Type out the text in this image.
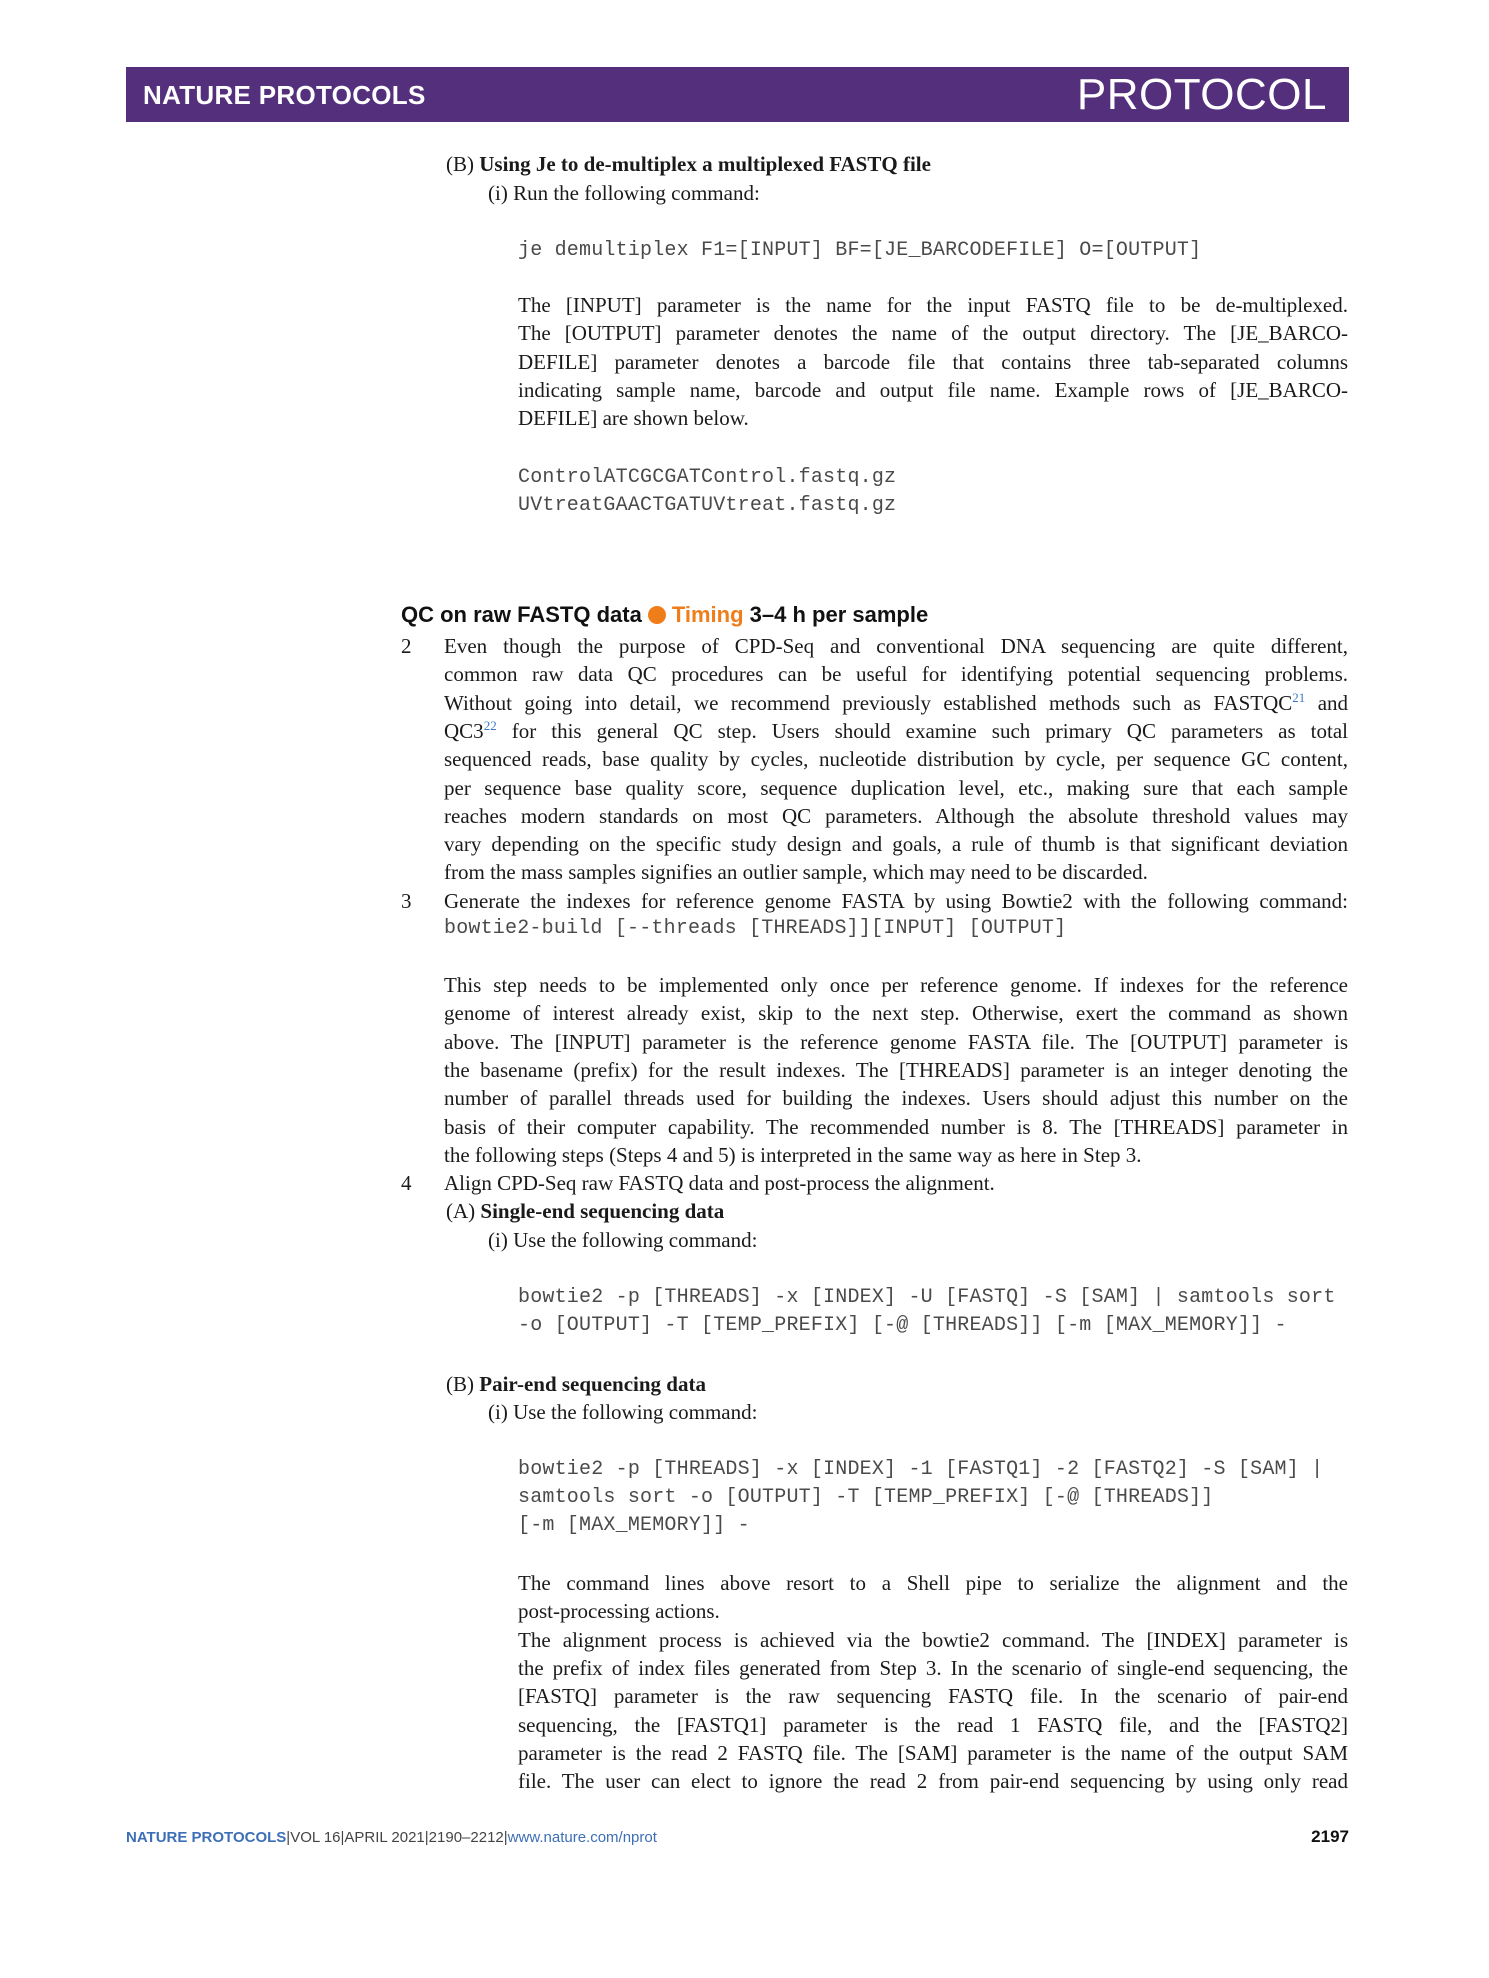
NATURE PROTOCOLS	PROTOCOL
(B) Using Je to de-multiplex a multiplexed FASTQ file
(i) Run the following command:
je demultiplex F1=[INPUT] BF=[JE_BARCODEFILE] O=[OUTPUT]
The [INPUT] parameter is the name for the input FASTQ file to be de-multiplexed.
The [OUTPUT] parameter denotes the name of the output directory. The [JE_BARCO-
DEFILE] parameter denotes a barcode file that contains three tab-separated columns
indicating sample name, barcode and output file name. Example rows of [JE_BARCO-
DEFILE] are shown below.
ControlATCGCGATControl.fastq.gz
UVtreatGAACTGATUVtreat.fastq.gz
QC on raw FASTQ data Timing 3–4 h per sample
2 Even though the purpose of CPD-Seq and conventional DNA sequencing are quite different,
common raw data QC procedures can be useful for identifying potential sequencing problems.
Without going into detail, we recommend previously established methods such as FASTQC$^{21}$ and
$QC3^{22}$ for this general QC step. Users should examine such primary QC parameters as total
sequenced reads, base quality by cycles, nucleotide distribution by cycle, per sequence GC content,
per sequence base quality score, sequence duplication level, etc., making sure that each sample
reaches modern standards on most QC parameters. Although the absolute threshold values may
vary depending on the specific study design and goals, a rule of thumb is that significant deviation
from the mass samples signifies an outlier sample, which may need to be discarded.
3 Generate the indexes for reference genome FASTA by using Bowtie2 with the following command:
bowtie2-build [--threads [THREADS]][INPUT] [OUTPUT]
This step needs to be implemented only once per reference genome. If indexes for the reference
genome of interest already exist, skip to the next step. Otherwise, exert the command as shown
above. The [INPUT] parameter is the reference genome FASTA file. The [OUTPUT] parameter is
the basename (prefix) for the result indexes. The [THREADS] parameter is an integer denoting the
number of parallel threads used for building the indexes. Users should adjust this number on the
basis of their computer capability. The recommended number is 8. The [THREADS] parameter in
the following steps (Steps 4 and 5) is interpreted in the same way as here in Step 3.
4 Align CPD-Seq raw FASTQ data and post-process the alignment.
(A) Single-end sequencing data
(i) Use the following command:
bowtie2 -p [THREADS] -x [INDEX] -U [FASTQ] -S [SAM] | samtools sort
-o [OUTPUT] -T [TEMP_PREFIX] [-@ [THREADS]] [-m [MAX_MEMORY]] -
(B) Pair-end sequencing data
(i) Use the following command:
bowtie2 -p [THREADS] -x [INDEX] -1 [FASTQ1] -2 [FASTQ2] -S [SAM] |
samtools sort -o [OUTPUT] -T [TEMP_PREFIX] [-@ [THREADS]]
[-m [MAX_MEMORY]] -
The command lines above resort to a Shell pipe to serialize the alignment and the
post-processing actions.
The alignment process is achieved via the bowtie2 command. The [INDEX] parameter is
the prefix of index files generated from Step 3. In the scenario of single-end sequencing, the
[FASTQ] parameter is the raw sequencing FASTQ file. In the scenario of pair-end
sequencing, the [FASTQ1] parameter is the read 1 FASTQ file, and the [FASTQ2]
parameter is the read 2 FASTQ file. The [SAM] parameter is the name of the output SAM
file. The user can elect to ignore the read 2 from pair-end sequencing by using only read
NATURE PROTOCOLS|VOL 16|APRIL 2021|2190–2212|www.nature.com/nprot	2197
